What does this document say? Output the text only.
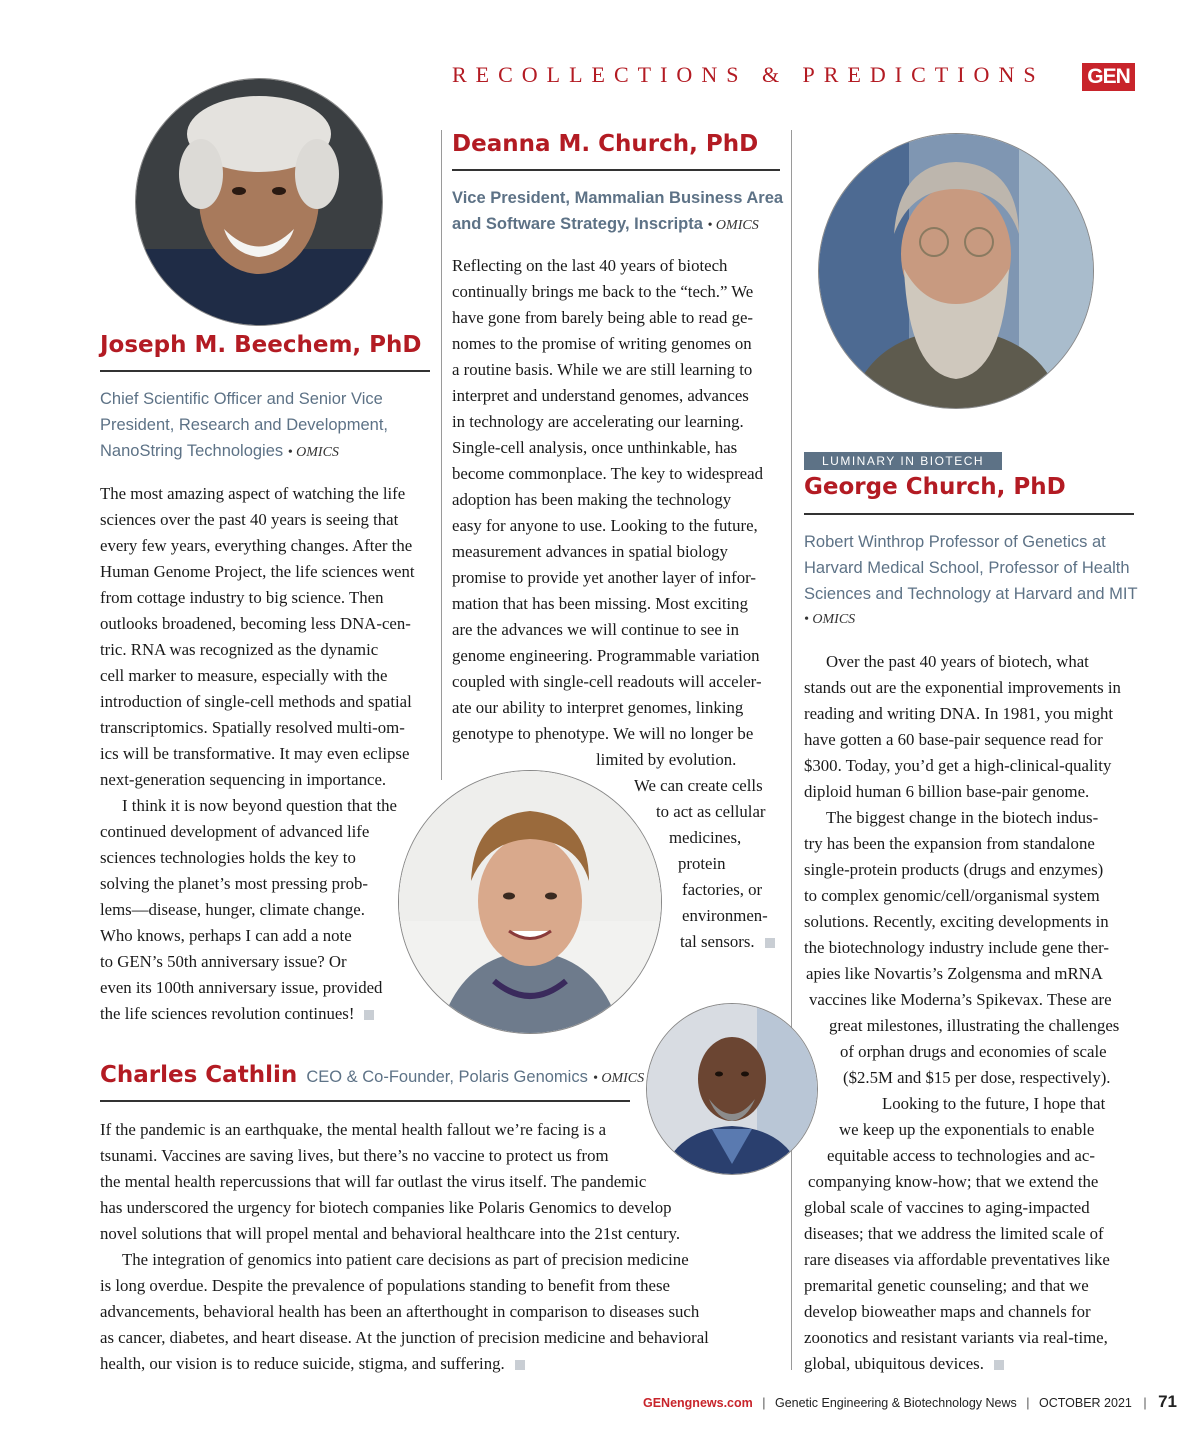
RECOLLECTIONS & PREDICTIONS GEN
Joseph M. Beechem, PhD
Chief Scientific Officer and Senior Vice
President, Research and Development,
NanoString Technologies • OMICS
The most amazing aspect of watching the life
sciences over the past 40 years is seeing that
every few years, everything changes. After the
Human Genome Project, the life sciences went
from cottage industry to big science. Then
outlooks broadened, becoming less DNA-cen-
tric. RNA was recognized as the dynamic
cell marker to measure, especially with the
introduction of single-cell methods and spatial
transcriptomics. Spatially resolved multi-om-
ics will be transformative. It may even eclipse
next-generation sequencing in importance.
I think it is now beyond question that the
continued development of advanced life
sciences technologies holds the key to
solving the planet’s most pressing prob-
lems—disease, hunger, climate change.
Who knows, perhaps I can add a note
to GEN’s 50th anniversary issue? Or
even its 100th anniversary issue, provided
the life sciences revolution continues!
Deanna M. Church, PhD
Vice President, Mammalian Business Area
and Software Strategy, Inscripta • OMICS
Reflecting on the last 40 years of biotech
continually brings me back to the “tech.” We
have gone from barely being able to read ge-
nomes to the promise of writing genomes on
a routine basis. While we are still learning to
interpret and understand genomes, advances
in technology are accelerating our learning.
Single-cell analysis, once unthinkable, has
become commonplace. The key to widespread
adoption has been making the technology
easy for anyone to use. Looking to the future,
measurement advances in spatial biology
promise to provide yet another layer of infor-
mation that has been missing. Most exciting
are the advances we will continue to see in
genome engineering. Programmable variation
coupled with single-cell readouts will acceler-
ate our ability to interpret genomes, linking
genotype to phenotype. We will no longer be
limited by evolution.
We can create cells
to act as cellular
medicines,
protein
factories, or
environmen-
tal sensors.
LUMINARY IN BIOTECH
George Church, PhD
Robert Winthrop Professor of Genetics at
Harvard Medical School, Professor of Health
Sciences and Technology at Harvard and MIT
• OMICS
Over the past 40 years of biotech, what
stands out are the exponential improvements in
reading and writing DNA. In 1981, you might
have gotten a 60 base-pair sequence read for
$300. Today, you’d get a high-clinical-quality
diploid human 6 billion base-pair genome.
The biggest change in the biotech indus-
try has been the expansion from standalone
single-protein products (drugs and enzymes)
to complex genomic/cell/organismal system
solutions. Recently, exciting developments in
the biotechnology industry include gene ther-
apies like Novartis’s Zolgensma and mRNA
vaccines like Moderna’s Spikevax. These are
great milestones, illustrating the challenges
of orphan drugs and economies of scale
($2.5M and $15 per dose, respectively).
Looking to the future, I hope that
we keep up the exponentials to enable
equitable access to technologies and ac-
companying know-how; that we extend the
global scale of vaccines to aging-impacted
diseases; that we address the limited scale of
rare diseases via affordable preventatives like
premarital genetic counseling; and that we
develop bioweather maps and channels for
zoonotics and resistant variants via real-time,
global, ubiquitous devices.
Charles Cathlin CEO & Co-Founder, Polaris Genomics • OMICS
If the pandemic is an earthquake, the mental health fallout we’re facing is a
tsunami. Vaccines are saving lives, but there’s no vaccine to protect us from
the mental health repercussions that will far outlast the virus itself. The pandemic
has underscored the urgency for biotech companies like Polaris Genomics to develop
novel solutions that will propel mental and behavioral healthcare into the 21st century.
The integration of genomics into patient care decisions as part of precision medicine
is long overdue. Despite the prevalence of populations standing to benefit from these
advancements, behavioral health has been an afterthought in comparison to diseases such
as cancer, diabetes, and heart disease. At the junction of precision medicine and behavioral
health, our vision is to reduce suicide, stigma, and suffering.
GENengnews.com | Genetic Engineering & Biotechnology News | OCTOBER 2021 | 71
